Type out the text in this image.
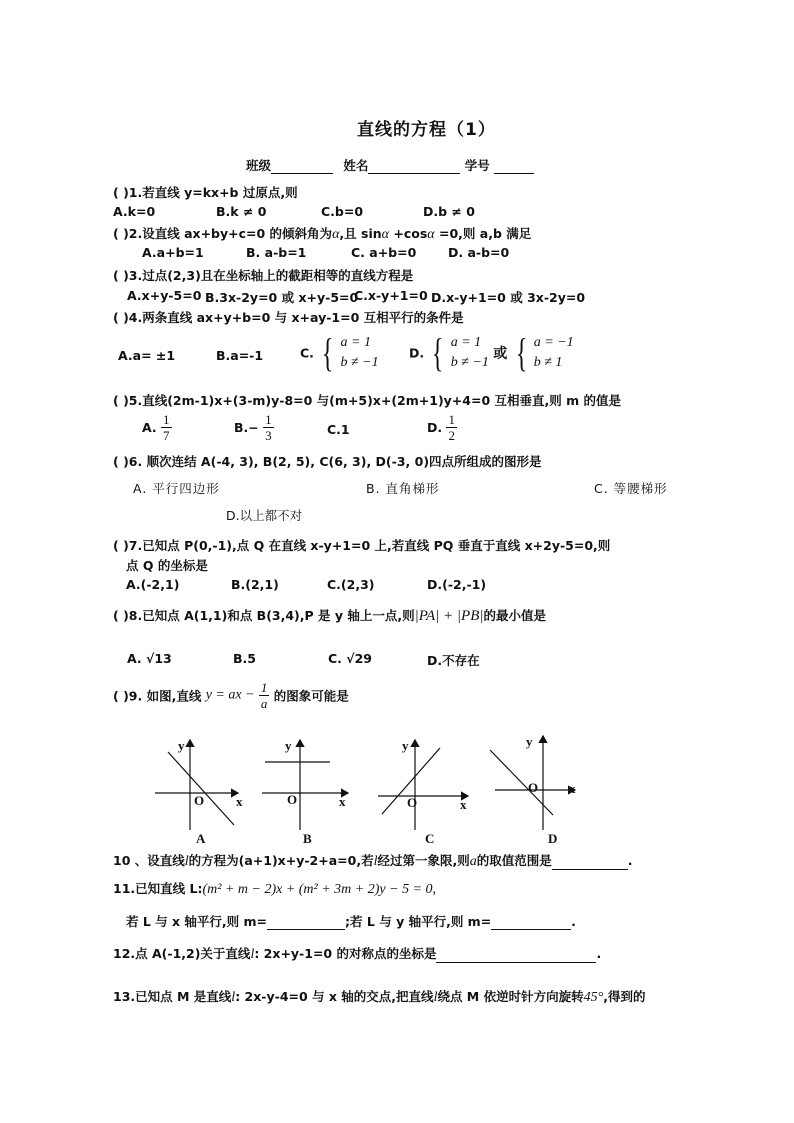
直线的方程（1）
班级	姓名	学号
( )1.若直线 y=kx+b 过原点,则
A.k=0	B.k ≠ 0	C.b=0	D.b ≠ 0
( )2.设直线 ax+by+c=0 的倾斜角为α,且 sinα +cosα =0,则 a,b 满足
A.a+b=1	B. a-b=1	C. a+b=0	D. a-b=0
( )3.过点(2,3)且在坐标轴上的截距相等的直线方程是
A.x+y-5=0 B.3x-2y=0 或 x+y-5=0
C.x-y+1=0 D.x-y+1=0 或 3x-2y=0
( )4.两条直线 ax+y+b=0 与 x+ay-1=0 互相平行的条件是
A.a= ±1	B.a=-1	C. { a = 1
b ≠ −1
D. { a = 1
b ≠ −1
或 { a = −1
b ≠ 1
( )5.直线(2m-1)x+(3-m)y-8=0 与(m+5)x+(2m+1)y+4=0 互相垂直,则 m 的值是
A. $\frac{1}{7}$	$B.- \frac{1}{3}$	C.1	D. $\frac{1}{2}$
( )6. 顺次连结 A(-4, 3), B(2, 5), C(6, 3), D(-3, 0)四点所组成的图形是
A. 平行四边形	B. 直角梯形	C. 等腰梯形
D.以上都不对
( )7.已知点 P(0,-1),点 Q 在直线 x-y+1=0 上,若直线 PQ 垂直于直线 x+2y-5=0,则
点 Q 的坐标是
A.(-2,1)	B.(2,1)	C.(2,3)	D.(-2,-1)
( )8.已知点 A(1,1)和点 B(3,4),P 是 y 轴上一点,则|PA| + |PB|的最小值是
A. √13	B.5	C. √29	D.不存在
( )9. 如图,直线 y = ax − $\frac{1}{a}$ 的图象可能是
y
x
O
A
y
x
O
B
y
x
O
C
y
x
O
D
10 、设直线l的方程为(a+1)x+y-2+a=0,若l经过第一象限,则a的取值范围是	.
11.已知直线 L:(m² + m − 2)x + (m² + 3m + 2)y − 5 = 0,
若 L 与 x 轴平行,则 m=	;若 L 与 y 轴平行,则 m=	.
12.点 A(-1,2)关于直线l: 2x+y-1=0 的对称点的坐标是	.
13.已知点 M 是直线l: 2x-y-4=0 与 x 轴的交点,把直线l绕点 M 依逆时针方向旋转45°,得到的
